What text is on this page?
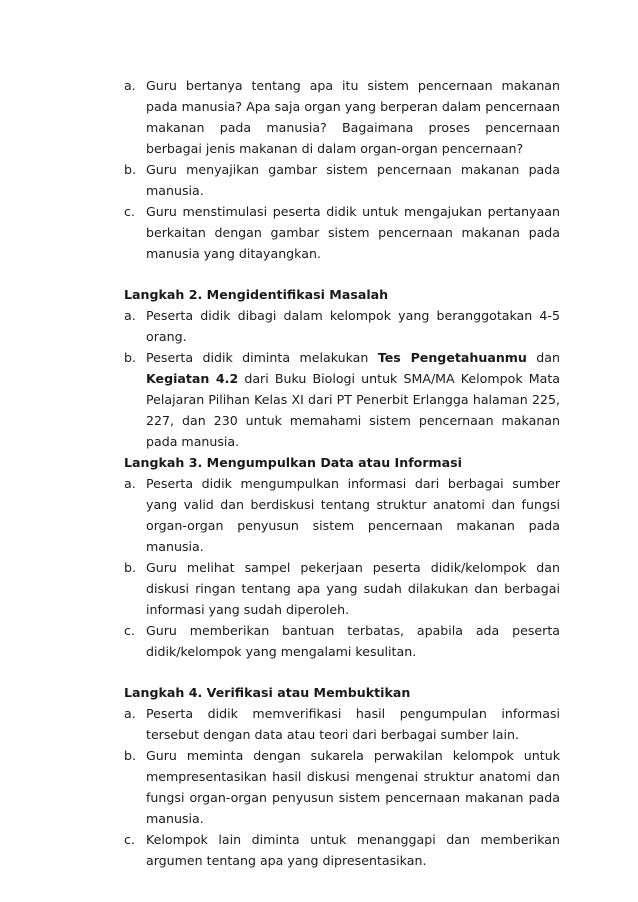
a. Guru bertanya tentang apa itu sistem pencernaan makanan pada manusia? Apa saja organ yang berperan dalam pencernaan makanan pada manusia? Bagaimana proses pencernaan berbagai jenis makanan di dalam organ-organ pencernaan?

b. Guru menyajikan gambar sistem pencernaan makanan pada manusia.

c. Guru menstimulasi peserta didik untuk mengajukan pertanyaan berkaitan dengan gambar sistem pencernaan makanan pada manusia yang ditayangkan.

Langkah 2. Mengidentifikasi Masalah

a. Peserta didik dibagi dalam kelompok yang beranggotakan 4-5 orang.

b. Peserta didik diminta melakukan Tes Pengetahuanmu dan Kegiatan 4.2 dari Buku Biologi untuk SMA/MA Kelompok Mata Pelajaran Pilihan Kelas XI dari PT Penerbit Erlangga halaman 225, 227, dan 230 untuk memahami sistem pencernaan makanan pada manusia.

Langkah 3. Mengumpulkan Data atau Informasi

a. Peserta didik mengumpulkan informasi dari berbagai sumber yang valid dan berdiskusi tentang struktur anatomi dan fungsi organ-organ penyusun sistem pencernaan makanan pada manusia.

b. Guru melihat sampel pekerjaan peserta didik/kelompok dan diskusi ringan tentang apa yang sudah dilakukan dan berbagai informasi yang sudah diperoleh.

c. Guru memberikan bantuan terbatas, apabila ada peserta didik/kelompok yang mengalami kesulitan.

Langkah 4. Verifikasi atau Membuktikan

a. Peserta didik memverifikasi hasil pengumpulan informasi tersebut dengan data atau teori dari berbagai sumber lain.

b. Guru meminta dengan sukarela perwakilan kelompok untuk mempresentasikan hasil diskusi mengenai struktur anatomi dan fungsi organ-organ penyusun sistem pencernaan makanan pada manusia.

c. Kelompok lain diminta untuk menanggapi dan memberikan argumen tentang apa yang dipresentasikan.
